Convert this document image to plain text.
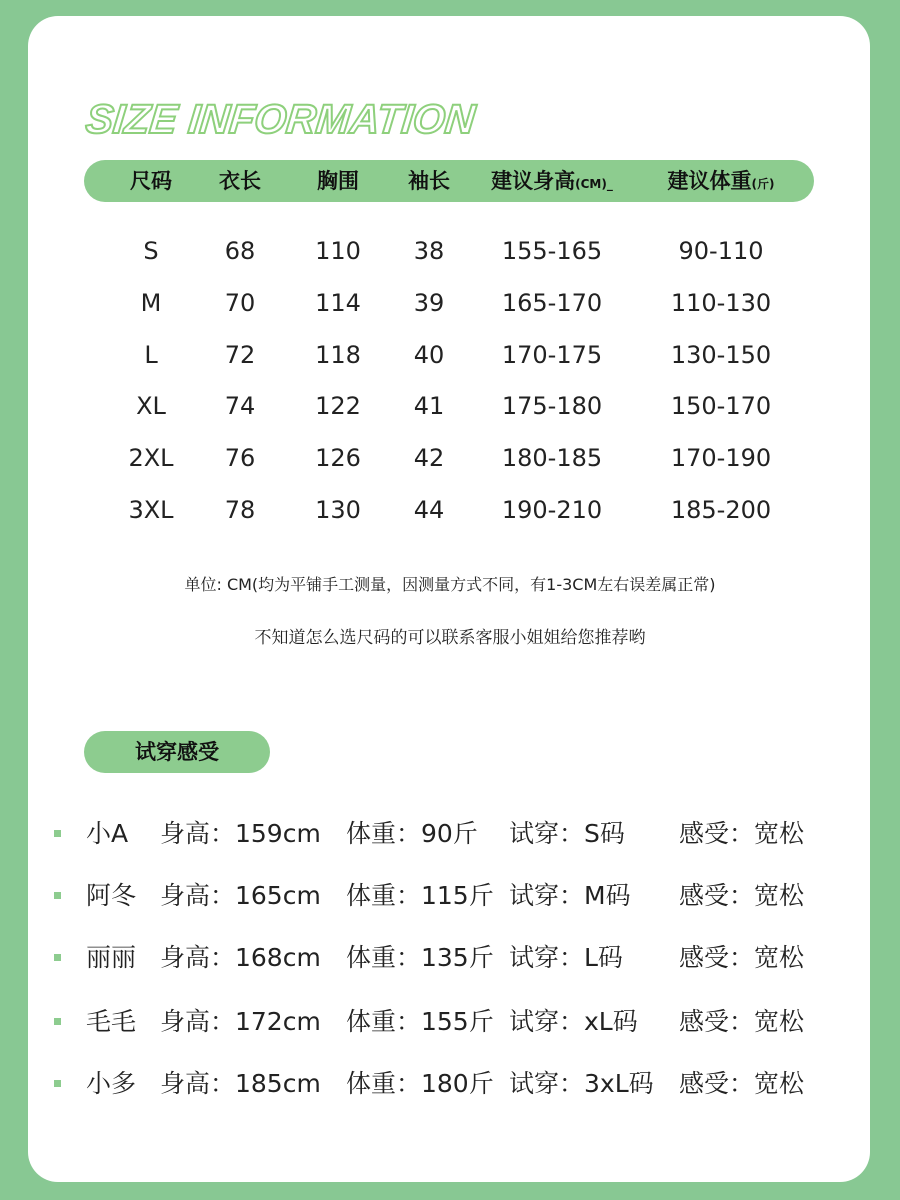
SIZE INFORMATION
尺码 衣长	胸围 袖长 建议身高(CM)_	建议体重(斤)
S	68 110 38 155-165	90-110
M	70 114 39 165-170	110-130
L	72 118 40 170-175	130-150
XL 74 122 41 175-180	150-170
2XL 76 126 42 180-185	170-190
3XL 78 130 44 190-210	185-200
单位: CM(均为平铺手工测量，因测量方式不同，有1-3CM左右误差属正常)
不知道怎么选尺码的可以联系客服小姐姐给您推荐哟
试穿感受
小A 身高：159cm 体重：90斤 试穿：S码 感受：宽松
阿冬 身高：165cm 体重：115斤 试穿：M码 感受：宽松
丽丽 身高：168cm 体重：135斤 试穿：L码 感受：宽松
毛毛 身高：172cm 体重：155斤 试穿：xL码 感受：宽松
小多 身高：185cm 体重：180斤 试穿：3xL码 感受：宽松
